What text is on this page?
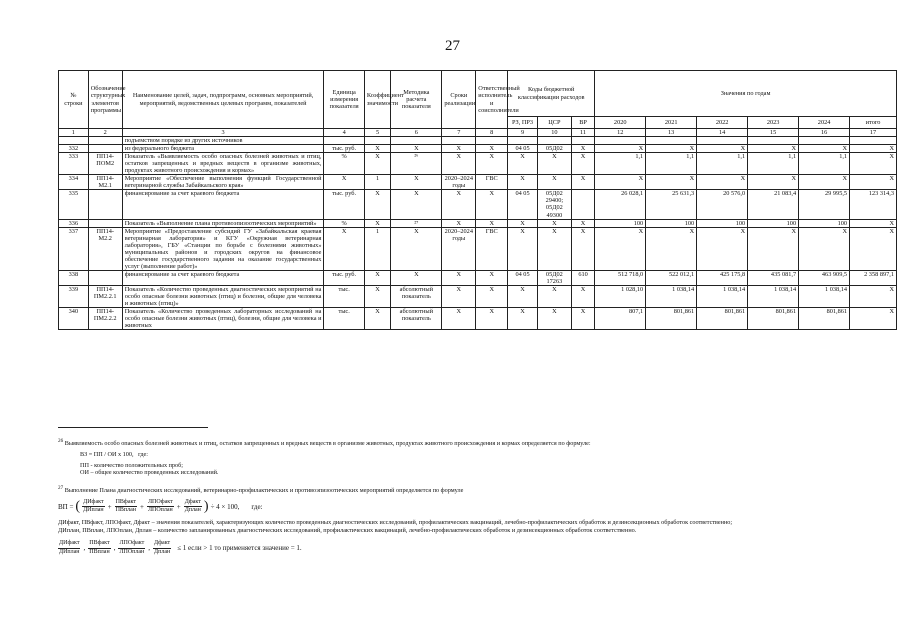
27
№ строки	Обозначение структурных элементов программы	Наименование целей, задач, подпрограмм, основных мероприятий, мероприятий, ведомственных целевых программ, показателей	Единица измерения показателя	Коэффициент значимости	Методика расчета показателя	Сроки реализации	Ответственный исполнитель и соисполнители	Коды бюджетной классификации расходов			Значения по годам					
								РЗ, ПР3	ЦСР	ВР	2020	2021	2022	2023	2024	итого
1	2	3	4	5	6	7	8	9	10	11	12	13	14	15	16	17
		подъемством порядке из других источников														
332		из федерального бюджета	тыс. руб.	Х	Х	Х	Х	04 05	05Д02	Х	Х	Х	Х	Х	Х	Х
333	ПП14-ПОМ2	Показатель «Выявляемость особо опасных болезней животных и птиц, остатков запрещенных и вредных веществ в организме животных, продуктах животного происхождения и кормах»	%	Х	²⁶	Х	Х	Х	Х	Х	1,1	1,1	1,1	1,1	1,1	Х
334	ПП14-М2.1	Мероприятие «Обеспечение выполнения функций Государственной ветеринарной службы Забайкальского края»	Х	1	Х	2020–2024 годы	ГВС	Х	Х	Х	Х	Х	Х	Х	Х	Х
335		финансирование за счет краевого бюджета	тыс. руб.	Х	Х	Х	Х	04 05	05Д02 29400; 05Д02 49300		26 028,1	25 631,3	20 576,0	21 083,4	29 995,5	123 314,3
336		Показатель «Выполнение плана противоэпизоотических мероприятий»	%	Х	²⁷	Х	Х	Х	Х	Х	100	100	100	100	100	Х
337	ПП14-М2.2	Мероприятие «Предоставление субсидий ГУ «Забайкальская краевая ветеринарная лаборатория» и КГУ «Окружная ветеринарная лаборатория», ГБУ «Станции по борьбе с болезнями животных» муниципальных районов и городских округов на финансовое обеспечение государственного задания на оказание государственных услуг (выполнение работ)»	Х	1	Х	2020–2024 годы	ГВС	Х	Х	Х	Х	Х	Х	Х	Х	Х
338		финансирование за счет краевого бюджета	тыс. руб.	Х	Х	Х	Х	04 05	05Д02 17263	610	512 718,0	522 012,1	425 175,8	435 081,7	463 909,5	2 358 897,1
339	ПП14-ПМ2.2.1	Показатель «Количество проведенных диагностических мероприятий на особо опасные болезни животных (птиц) и болезни, общие для человека и животных (птиц)»	тыс.	Х	абсолютный показатель	Х	Х	Х	Х	Х	1 028,10	1 038,14	1 038,14	1 038,14	1 038,14	Х
340	ПП14-ПМ2.2.2	Показатель «Количество проведенных лабораторных исследований на особо опасные болезни животных (птиц), болезни, общие для человека и животных	тыс.	Х	абсолютный показатель	Х	Х	Х	Х	Х	807,1	801,861	801,861	801,861	801,861	Х

$^{26}$ Выявляемость особо опасных болезней животных и птиц, остатков запрещенных и вредных веществ в организме животных, продуктах животного происхождения и кормах определяется по формуле:

ВЗ = ПП / ОИ х 100, где:

ПП - количество положительных проб;

ОИ – общее количество проведенных исследований.

$^{27}$ Выполнение Плана диагностических исследований, ветеринарно-профилактических и противоэпизоотических мероприятий определяется по формуле

ВП = ( $\frac{\text{ДИфакт}}{\text{ДИплан}} + \frac{\text{ПВфакт}}{\text{ПВплан}} + \frac{\text{ЛПОфакт}}{\text{ЛПОплан}} + \frac{\text{Дфакт}}{\text{Дплан}}$ ) ÷ 4 × 100, где:

ДИфакт, ПВфакт, ЛПОфакт, Дфакт – значения показателей, характеризующих количество проведенных диагностических исследований, профилактических вакцинаций, лечебно-профилактических обработок и дезинсекционных обработок соответственно;

ДИплан, ПВплан, ЛПОплан, Дплан – количество запланированных диагностических исследований, профилактических вакцинаций, лечебно-профилактических обработок и дезинсекционных обработок соответственно.

$\frac{\text{ДИфакт}}{\text{ДИплан}}$ , $\frac{\text{ПВфакт}}{\text{ПВплан}}$ , $\frac{\text{ЛПОфакт}}{\text{ЛПОплан}}$ , $\frac{\text{Дфакт}}{\text{Дплан}} \le 1$ если > 1 то применяется значение = 1.
